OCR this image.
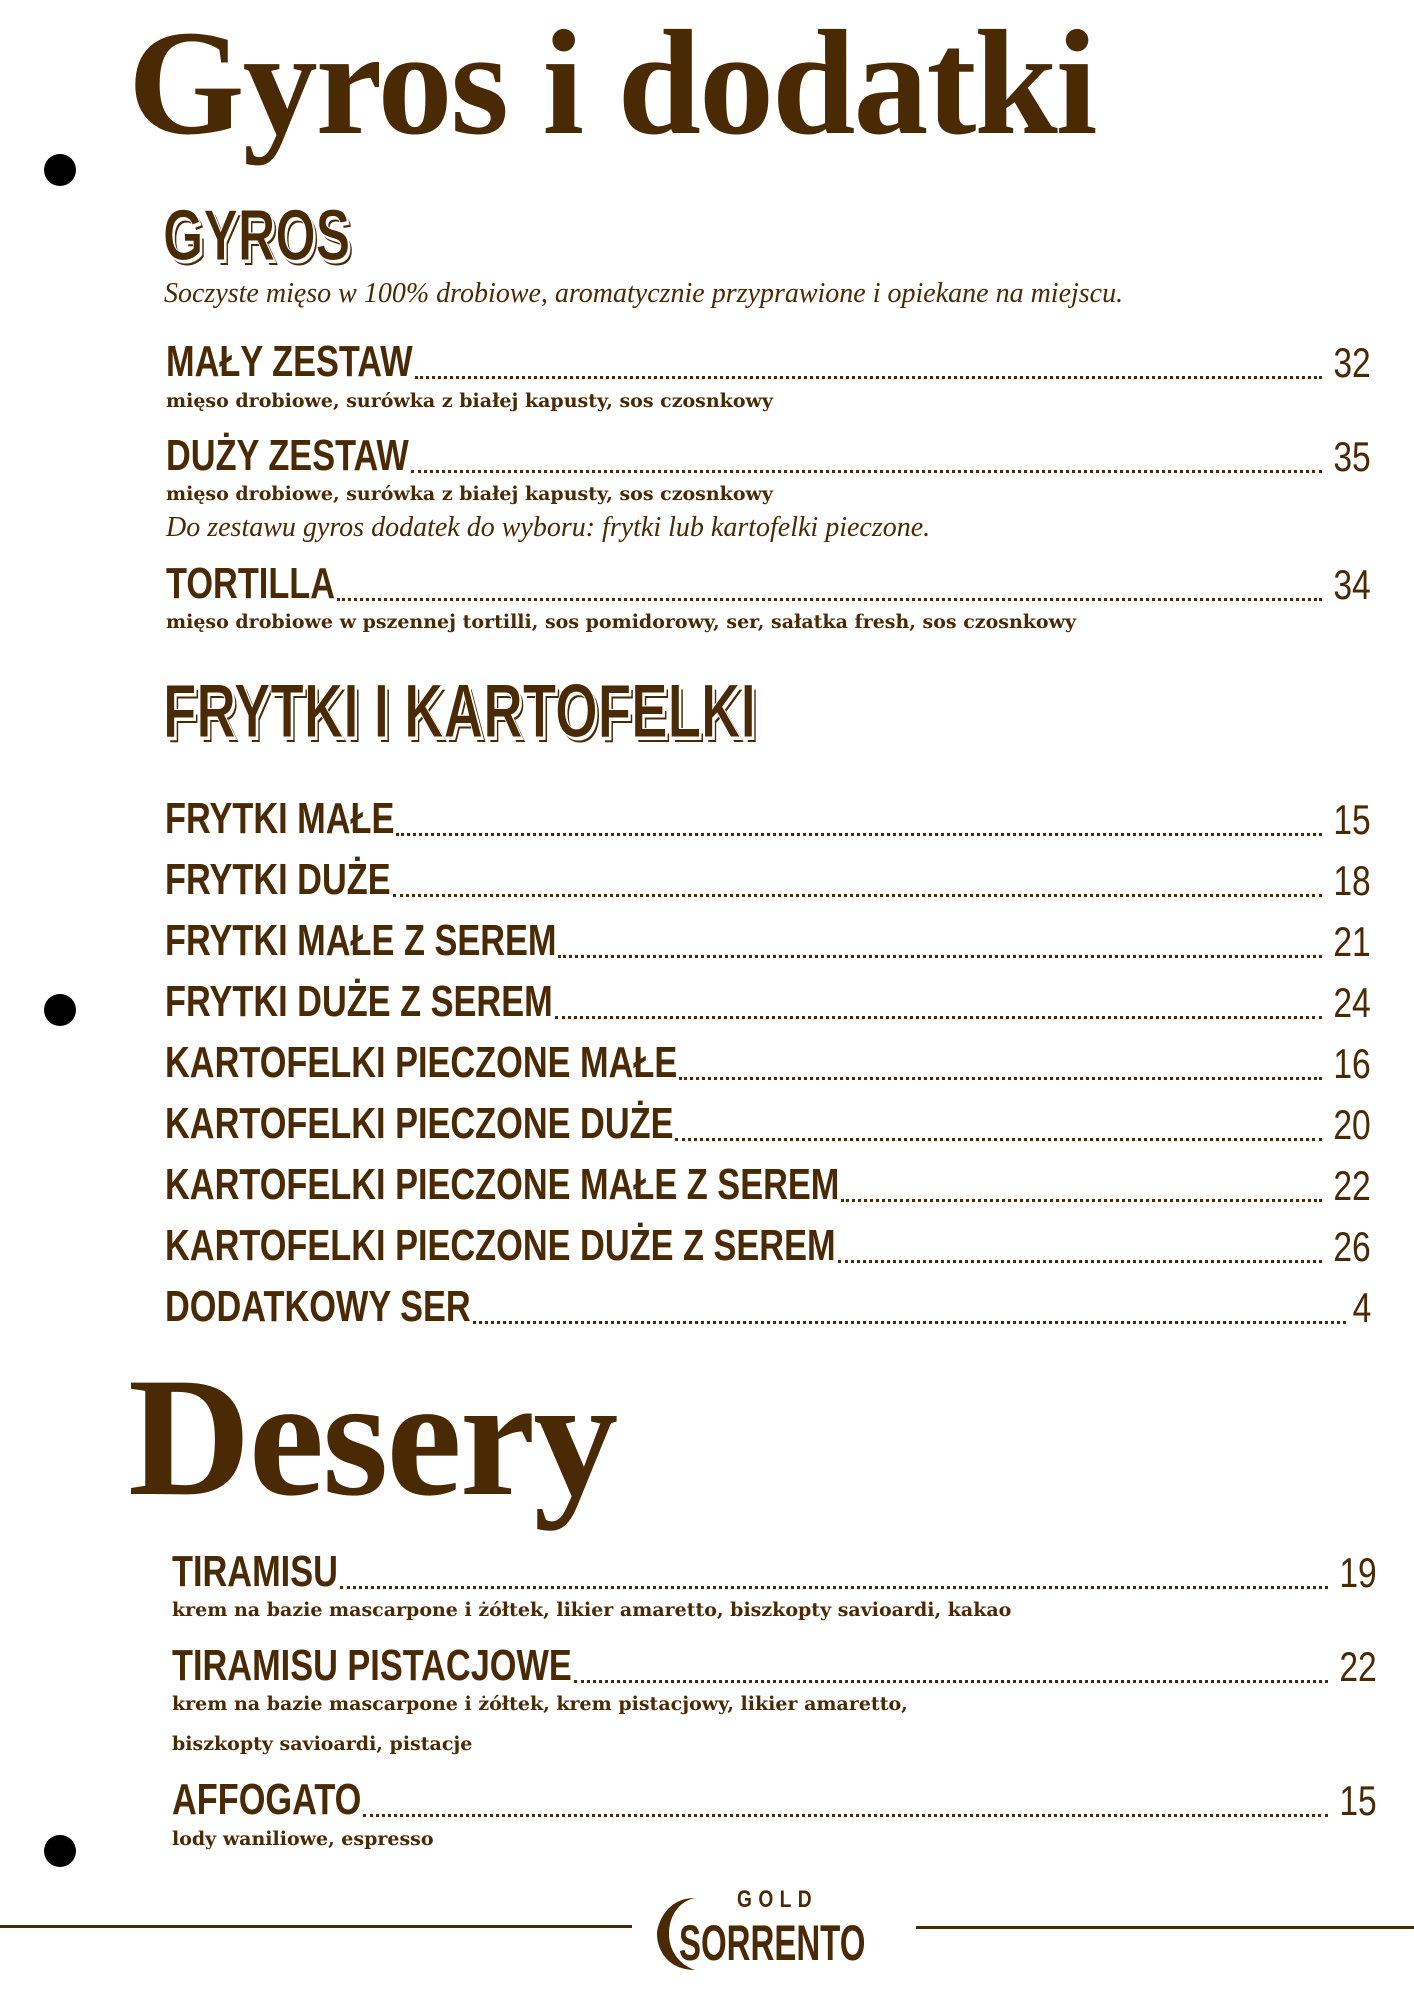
Gyros i dodatki
GYROS
Soczyste mięso w 100% drobiowe, aromatycznie przyprawione i opiekane na miejscu.
MAŁY ZESTAW	32
mięso drobiowe, surówka z białej kapusty, sos czosnkowy
DUŻY ZESTAW	35
mięso drobiowe, surówka z białej kapusty, sos czosnkowy
Do zestawu gyros dodatek do wyboru: frytki lub kartofelki pieczone.
TORTILLA	34
mięso drobiowe w pszennej tortilli, sos pomidorowy, ser, sałatka fresh, sos czosnkowy
FRYTKI I KARTOFELKI
FRYTKI MAŁE	15
FRYTKI DUŻE	18
FRYTKI MAŁE Z SEREM	21
FRYTKI DUŻE Z SEREM	24
KARTOFELKI PIECZONE MAŁE	16
KARTOFELKI PIECZONE DUŻE	20
KARTOFELKI PIECZONE MAŁE Z SEREM	22
KARTOFELKI PIECZONE DUŻE Z SEREM	26
DODATKOWY SER	4
Desery
TIRAMISU	19
krem na bazie mascarpone i żółtek, likier amaretto, biszkopty savioardi, kakao
TIRAMISU PISTACJOWE	22
krem na bazie mascarpone i żółtek, krem pistacjowy, likier amaretto,
biszkopty savioardi, pistacje
AFFOGATO	15
lody waniliowe, espresso
GOLD
SORRENTO
